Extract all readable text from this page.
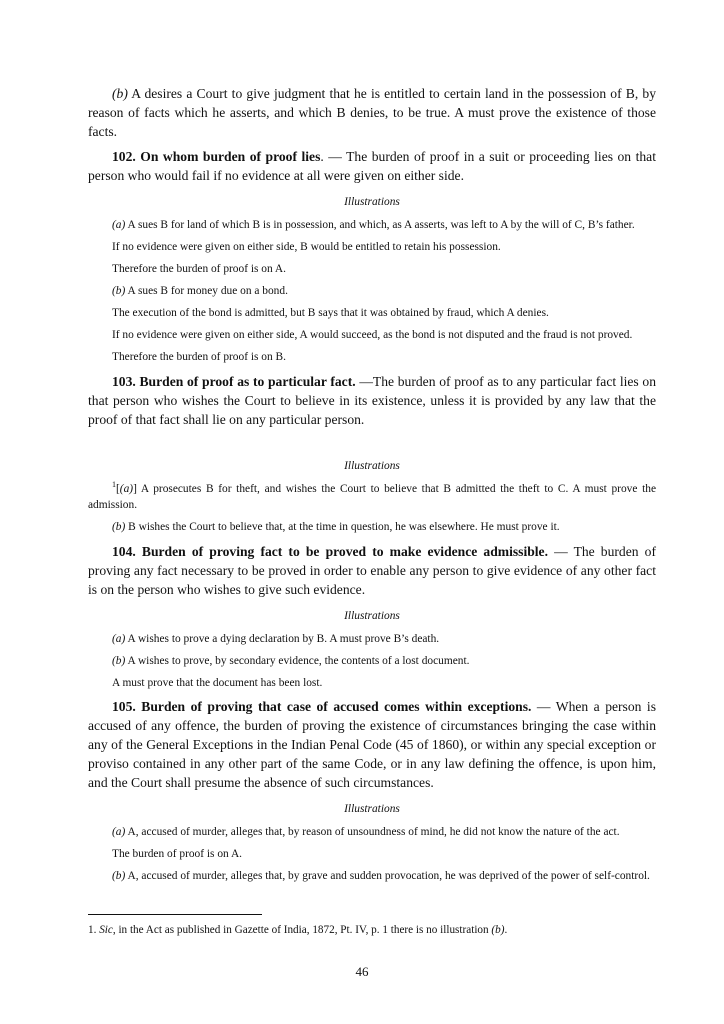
(b) A desires a Court to give judgment that he is entitled to certain land in the possession of B, by reason of facts which he asserts, and which B denies, to be true. A must prove the existence of those facts.

102. On whom burden of proof lies. — The burden of proof in a suit or proceeding lies on that person who would fail if no evidence at all were given on either side.

Illustrations

(a) A sues B for land of which B is in possession, and which, as A asserts, was left to A by the will of C, B’s father.

If no evidence were given on either side, B would be entitled to retain his possession.

Therefore the burden of proof is on A.

(b) A sues B for money due on a bond.

The execution of the bond is admitted, but B says that it was obtained by fraud, which A denies.

If no evidence were given on either side, A would succeed, as the bond is not disputed and the fraud is not proved.

Therefore the burden of proof is on B.

103. Burden of proof as to particular fact. —The burden of proof as to any particular fact lies on that person who wishes the Court to believe in its existence, unless it is provided by any law that the proof of that fact shall lie on any particular person.

Illustrations

$^1$[(a)] A prosecutes B for theft, and wishes the Court to believe that B admitted the theft to C. A must prove the admission.

(b) B wishes the Court to believe that, at the time in question, he was elsewhere. He must prove it.

104. Burden of proving fact to be proved to make evidence admissible. — The burden of proving any fact necessary to be proved in order to enable any person to give evidence of any other fact is on the person who wishes to give such evidence.

Illustrations

(a) A wishes to prove a dying declaration by B. A must prove B’s death.

(b) A wishes to prove, by secondary evidence, the contents of a lost document.

A must prove that the document has been lost.

105. Burden of proving that case of accused comes within exceptions. — When a person is accused of any offence, the burden of proving the existence of circumstances bringing the case within any of the General Exceptions in the Indian Penal Code (45 of 1860), or within any special exception or proviso contained in any other part of the same Code, or in any law defining the offence, is upon him, and the Court shall presume the absence of such circumstances.

Illustrations

(a) A, accused of murder, alleges that, by reason of unsoundness of mind, he did not know the nature of the act.

The burden of proof is on A.

(b) A, accused of murder, alleges that, by grave and sudden provocation, he was deprived of the power of self-control.

1. Sic, in the Act as published in Gazette of India, 1872, Pt. IV, p. 1 there is no illustration (b).

46
